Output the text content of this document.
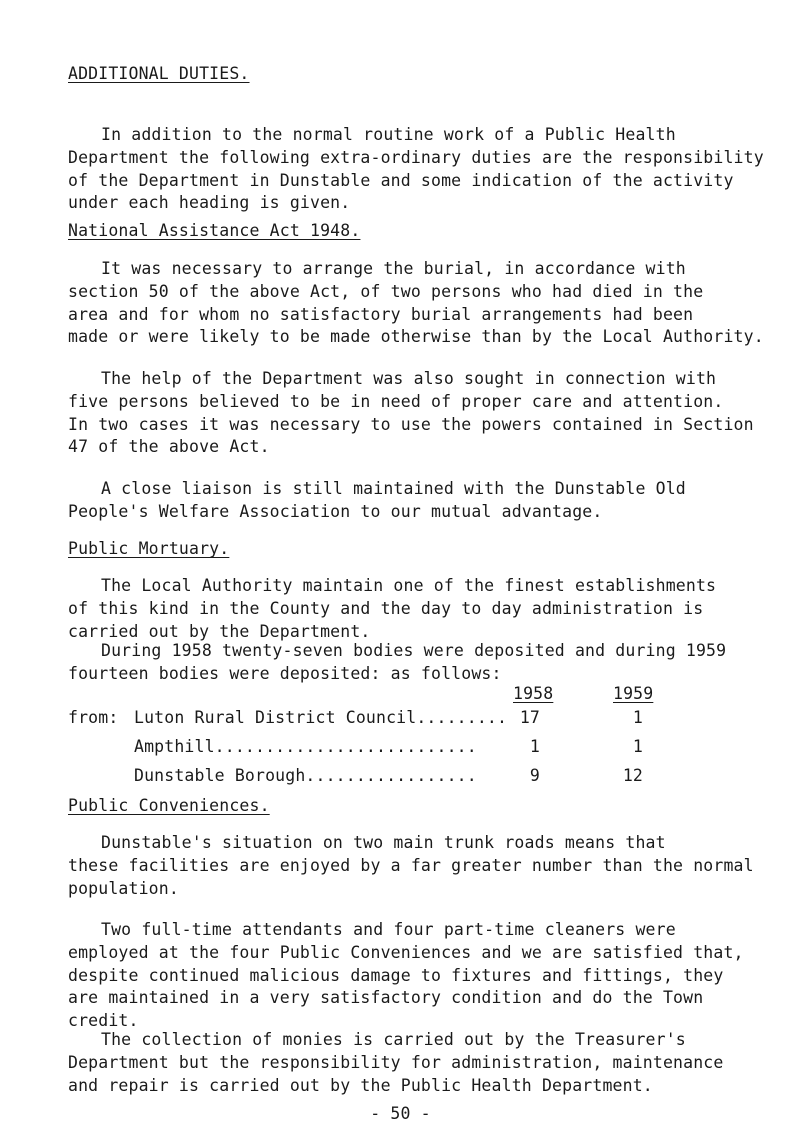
ADDITIONAL DUTIES.
In addition to the normal routine work of a Public Health
Department the following extra-ordinary duties are the responsibility
of the Department in Dunstable and some indication of the activity
under each heading is given.
National Assistance Act 1948.
It was necessary to arrange the burial, in accordance with
section 50 of the above Act, of two persons who had died in the
area and for whom no satisfactory burial arrangements had been
made or were likely to be made otherwise than by the Local Authority.
The help of the Department was also sought in connection with
five persons believed to be in need of proper care and attention.
In two cases it was necessary to use the powers contained in Section
47 of the above Act.
A close liaison is still maintained with the Dunstable Old
People's Welfare Association to our mutual advantage.
Public Mortuary.
The Local Authority maintain one of the finest establishments
of this kind in the County and the day to day administration is
carried out by the Department.
During 1958 twenty-seven bodies were deposited and during 1959
fourteen bodies were deposited: as follows:
1958	1959
from: Luton Rural District Council......... 17	1
Ampthill..........................	1	1
Dunstable Borough.................	9	12
Public Conveniences.
Dunstable's situation on two main trunk roads means that
these facilities are enjoyed by a far greater number than the normal
population.
Two full-time attendants and four part-time cleaners were
employed at the four Public Conveniences and we are satisfied that,
despite continued malicious damage to fixtures and fittings, they
are maintained in a very satisfactory condition and do the Town
credit.
The collection of monies is carried out by the Treasurer's
Department but the responsibility for administration, maintenance
and repair is carried out by the Public Health Department.
- 50 -
